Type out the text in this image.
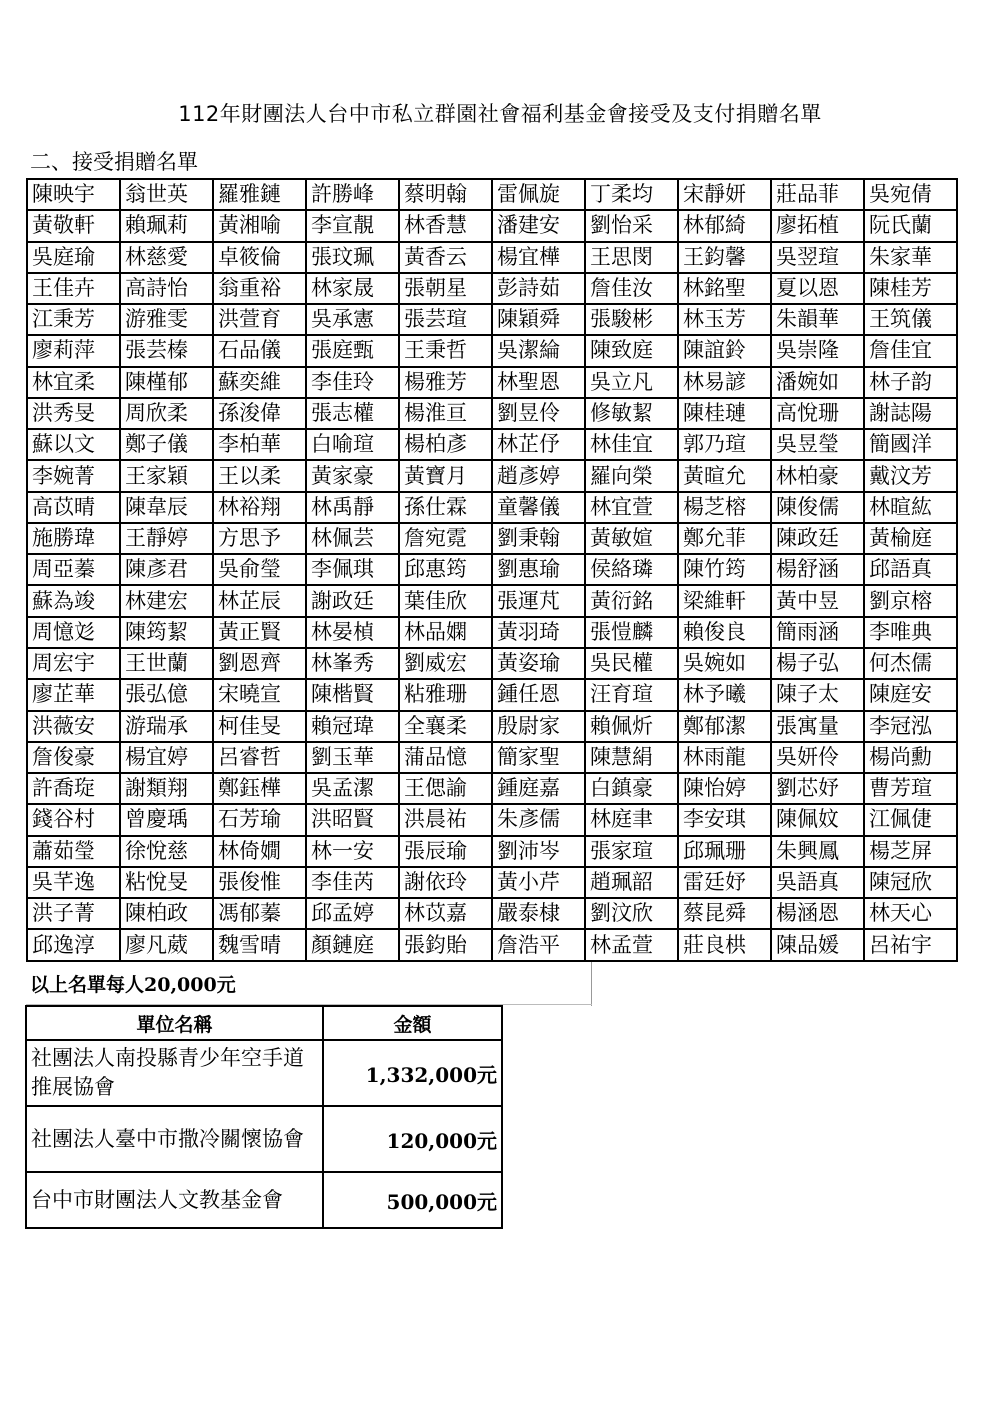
112年財團法人台中市私立群園社會福利基金會接受及支付捐贈名單
二、接受捐贈名單
陳映宇	翁世英	羅雅鏈	許勝峰	蔡明翰	雷佩旋	丁柔均	宋靜妍	莊品菲	吳宛倩
黃敬軒	賴珮莉	黃湘喻	李宣靚	林香慧	潘建安	劉怡采	林郁綺	廖拓植	阮氏蘭
吳庭瑜	林慈愛	卓筱倫	張玟珮	黃香云	楊宜樺	王思閔	王鈞馨	吳翌瑄	朱家華
王佳卉	高詩怡	翁重裕	林家晟	張朝星	彭詩茹	詹佳汝	林銘聖	夏以恩	陳桂芳
江秉芳	游雅雯	洪萱育	吳承憲	張芸瑄	陳穎舜	張駿彬	林玉芳	朱韻華	王筑儀
廖莉萍	張芸榛	石品儀	張庭甄	王秉哲	吳潔綸	陳致庭	陳誼鈴	吳崇隆	詹佳宜
林宜柔	陳槿郁	蘇奕維	李佳玲	楊雅芳	林聖恩	吳立凡	林易諺	潘婉如	林子韵
洪秀旻	周欣柔	孫浚偉	張志權	楊淮亘	劉昱伶	修敏絜	陳桂璉	高悅珊	謝誌陽
蘇以文	鄭子儀	李柏華	白喻瑄	楊柏彥	林芷伃	林佳宜	郭乃瑄	吳昱瑩	簡國洋
李婉菁	王家穎	王以柔	黃家豪	黃寶月	趙彥婷	羅向榮	黃暄允	林柏豪	戴汶芳
高苡晴	陳韋辰	林裕翔	林禹靜	孫仕霖	童馨儀	林宜萱	楊芝榕	陳俊儒	林暄紘
施勝瑋	王靜婷	方思予	林佩芸	詹宛霓	劉秉翰	黃敏媗	鄭允菲	陳政廷	黃榆庭
周亞蓁	陳彥君	吳俞瑩	李佩琪	邱惠筠	劉惠瑜	侯絡璘	陳竹筠	楊舒涵	邱語真
蘇為竣	林建宏	林芷辰	謝政廷	葉佳欣	張運芃	黃衍銘	梁維軒	黃中昱	劉京榕
周憶彣	陳筠絜	黃正賢	林晏楨	林品嫻	黃羽琦	張愷麟	賴俊良	簡雨涵	李唯典
周宏宇	王世蘭	劉恩齊	林峯秀	劉威宏	黃姿瑜	吳民權	吳婉如	楊子弘	何杰儒
廖芷華	張弘億	宋曉宣	陳楷賢	粘雅珊	鍾任恩	汪育瑄	林予曦	陳子太	陳庭安
洪薇安	游瑞承	柯佳旻	賴冠瑋	全襄柔	殷尉家	賴佩炘	鄭郁潔	張寓量	李冠泓
詹俊豪	楊宜婷	呂睿哲	劉玉華	蒲品憶	簡家聖	陳慧絹	林雨龍	吳妍伶	楊尚勳
許喬琁	謝類翔	鄭鈺樺	吳孟潔	王偲諭	鍾庭嘉	白鎮豪	陳怡婷	劉芯妤	曹芳瑄
錢谷村	曾慶瑀	石芳瑜	洪昭賢	洪晨祐	朱彥儒	林庭聿	李安琪	陳佩妏	江佩倢
蕭茹瑩	徐悅慈	林倚嫺	林一安	張辰瑜	劉沛岑	張家瑄	邱珮珊	朱興鳳	楊芝屏
吳芊逸	粘悅旻	張俊惟	李佳芮	謝依玲	黃小芹	趙珮韶	雷廷妤	吳語真	陳冠欣
洪子菁	陳柏政	馮郁蓁	邱孟婷	林苡嘉	嚴泰棣	劉汶欣	蔡昆舜	楊涵恩	林天心
邱逸淳	廖凡葳	魏雪晴	顏鏈庭	張鈞貽	詹浩平	林孟萱	莊良栱	陳品媛	呂祐宇
以上名單每人20,000元
單位名稱	金額
社團法人南投縣青少年空手道推展協會	1,332,000元
社團法人臺中市撒冷關懷協會	120,000元
台中市財團法人文教基金會	500,000元
